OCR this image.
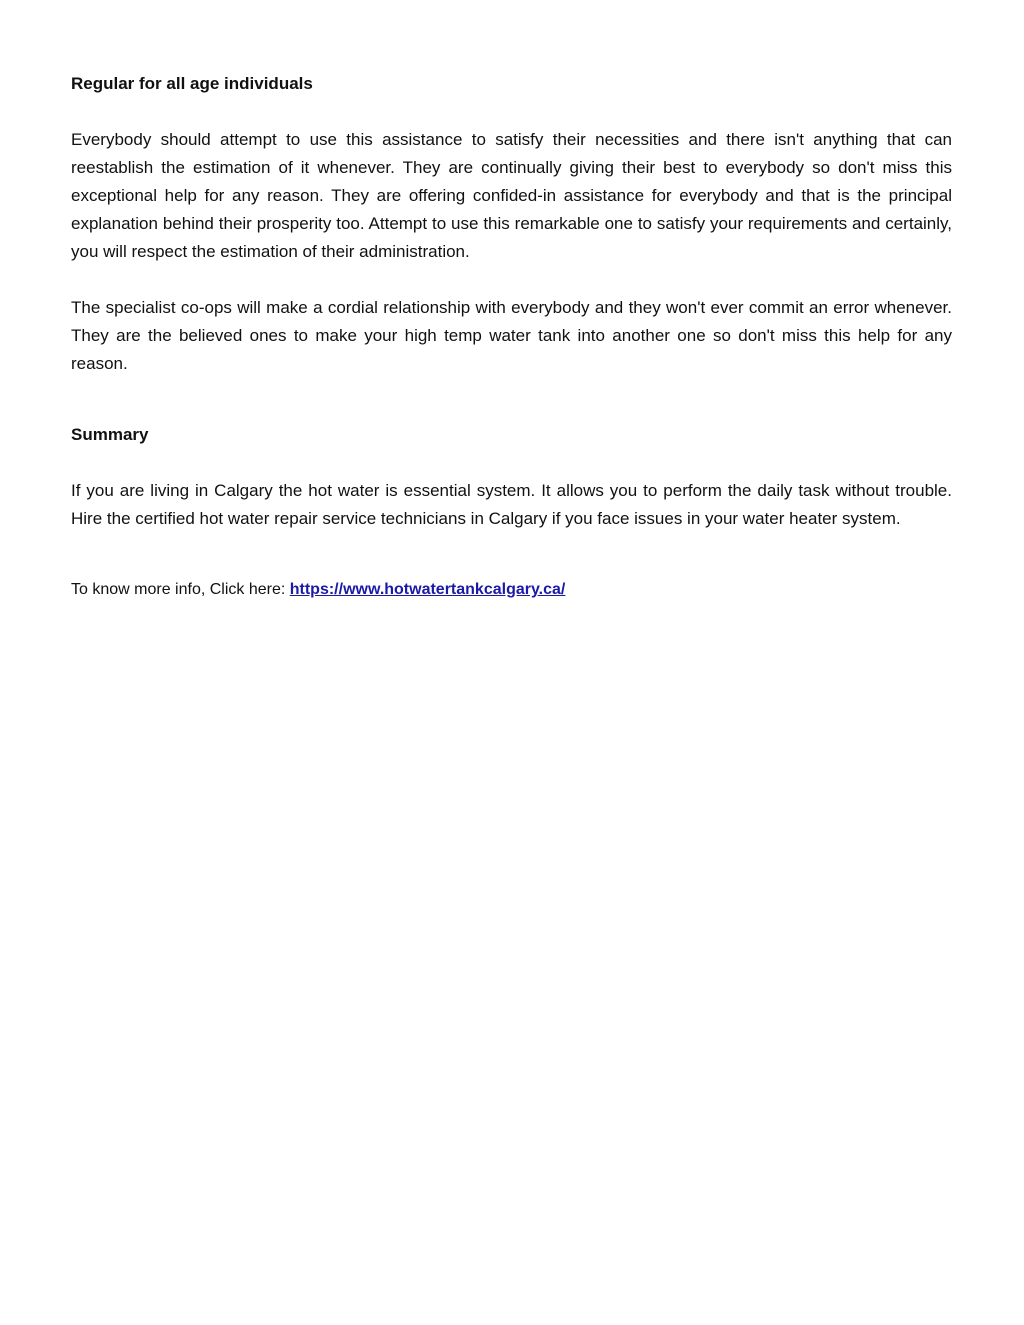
Regular for all age individuals

Everybody should attempt to use this assistance to satisfy their necessities and there isn't anything that can reestablish the estimation of it whenever. They are continually giving their best to everybody so don't miss this exceptional help for any reason. They are offering confided-in assistance for everybody and that is the principal explanation behind their prosperity too. Attempt to use this remarkable one to satisfy your requirements and certainly, you will respect the estimation of their administration.

The specialist co-ops will make a cordial relationship with everybody and they won't ever commit an error whenever. They are the believed ones to make your high temp water tank into another one so don't miss this help for any reason.

Summary

If you are living in Calgary the hot water is essential system. It allows you to perform the daily task without trouble. Hire the certified hot water repair service technicians in Calgary if you face issues in your water heater system.

To know more info, Click here: https://www.hotwatertankcalgary.ca/
